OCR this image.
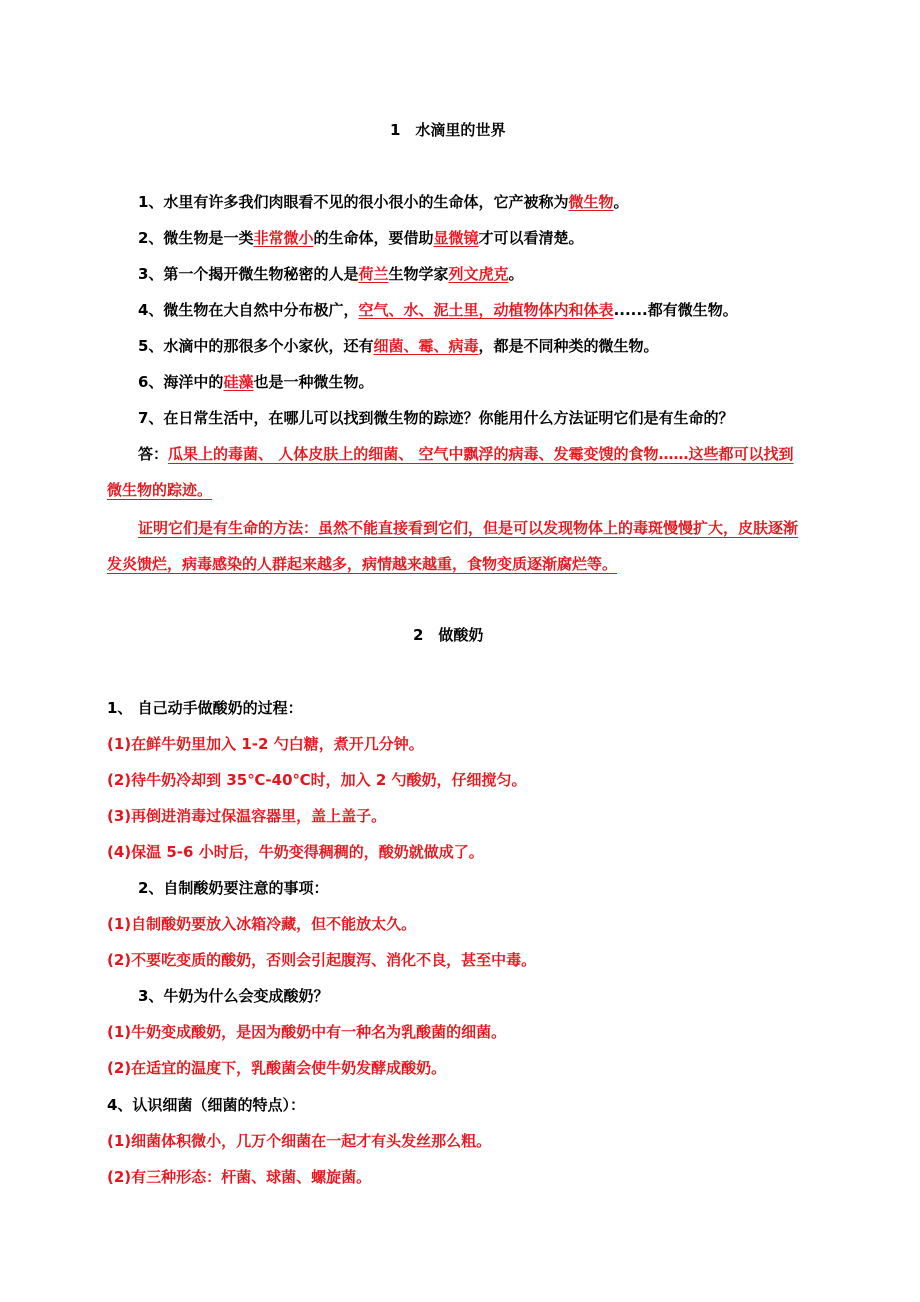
1　水滴里的世界
1、水里有许多我们肉眼看不见的很小很小的生命体，它产被称为微生物。
2、微生物是一类非常微小的生命体，要借助显微镜才可以看清楚。
3、第一个揭开微生物秘密的人是荷兰生物学家列文虎克。
4、微生物在大自然中分布极广，空气、水、泥土里，动植物体内和体表......都有微生物。
5、水滴中的那很多个小家伙，还有细菌、霉、病毒，都是不同种类的微生物。
6、海洋中的硅藻也是一种微生物。
7、在日常生活中，在哪儿可以找到微生物的踪迹？你能用什么方法证明它们是有生命的？
答：瓜果上的毒菌、 人体皮肤上的细菌、 空气中飘浮的病毒、发霉变馊的食物……这些都可以找到微生物的踪迹。
证明它们是有生命的方法：虽然不能直接看到它们，但是可以发现物体上的毒斑慢慢扩大，皮肤逐渐发炎馈烂，病毒感染的人群起来越多，病情越来越重，食物变质逐渐腐烂等。
2　做酸奶
1、 自己动手做酸奶的过程：
(1)在鲜牛奶里加入 1-2 勺白糖，煮开几分钟。
(2)待牛奶冷却到 35℃-40℃时，加入 2 勺酸奶，仔细搅匀。
(3)再倒进消毒过保温容器里，盖上盖子。
(4)保温 5-6 小时后，牛奶变得稠稠的，酸奶就做成了。
2、自制酸奶要注意的事项：
(1)自制酸奶要放入冰箱冷藏，但不能放太久。
(2)不要吃变质的酸奶，否则会引起腹泻、消化不良，甚至中毒。
3、牛奶为什么会变成酸奶？
(1)牛奶变成酸奶，是因为酸奶中有一种名为乳酸菌的细菌。
(2)在适宜的温度下，乳酸菌会使牛奶发酵成酸奶。
4、认识细菌（细菌的特点）：
(1)细菌体积微小，几万个细菌在一起才有头发丝那么粗。
(2)有三种形态：杆菌、球菌、螺旋菌。
